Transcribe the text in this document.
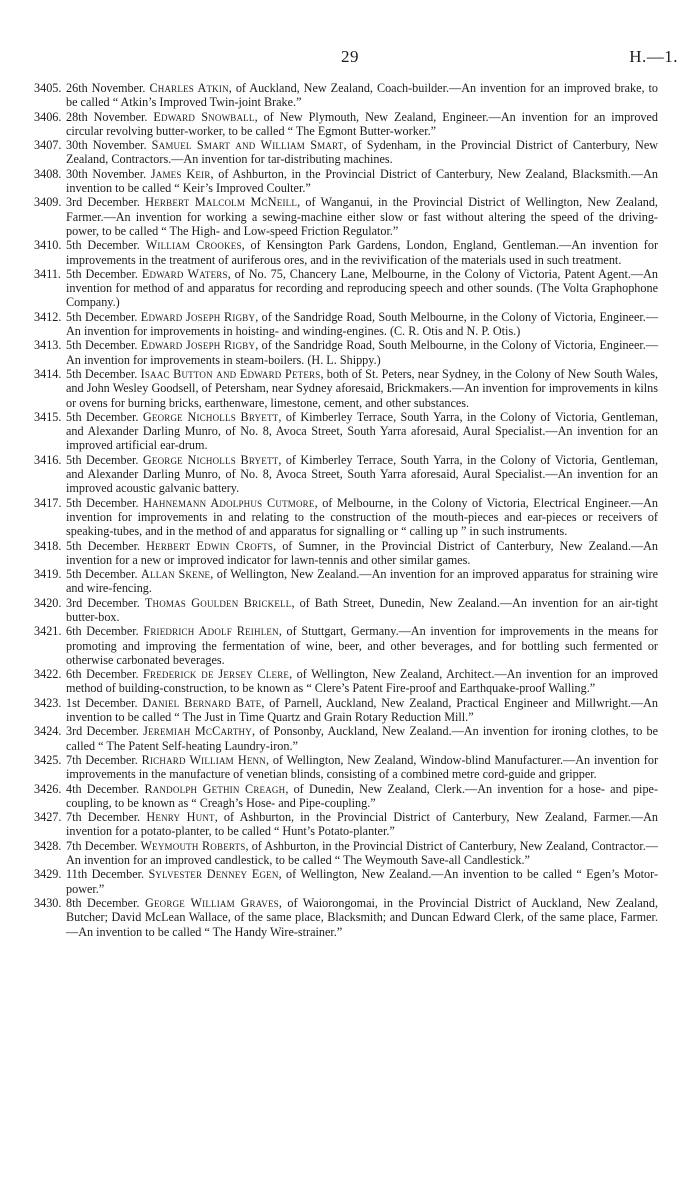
29	H.—1.

3405. 26th November. Charles Atkin, of Auckland, New Zealand, Coach-builder.—An invention for an improved brake, to be called “ Atkin’s Improved Twin-joint Brake.”

3406. 28th November. Edward Snowball, of New Plymouth, New Zealand, Engineer.—An invention for an improved circular revolving butter-worker, to be called “ The Egmont Butter-worker.”

3407. 30th November. Samuel Smart and William Smart, of Sydenham, in the Provincial District of Canterbury, New Zealand, Contractors.—An invention for tar-distributing machines.

3408. 30th November. James Keir, of Ashburton, in the Provincial District of Canterbury, New Zealand, Blacksmith.—An invention to be called “ Keir’s Improved Coulter.”

3409. 3rd December. Herbert Malcolm McNeill, of Wanganui, in the Provincial District of Wellington, New Zealand, Farmer.—An invention for working a sewing-machine either slow or fast without altering the speed of the driving-power, to be called “ The High- and Low-speed Friction Regulator.”

3410. 5th December. William Crookes, of Kensington Park Gardens, London, England, Gentleman.—An invention for improvements in the treatment of auriferous ores, and in the revivification of the materials used in such treatment.

3411. 5th December. Edward Waters, of No. 75, Chancery Lane, Melbourne, in the Colony of Victoria, Patent Agent.—An invention for method of and apparatus for recording and reproducing speech and other sounds. (The Volta Graphophone Company.)

3412. 5th December. Edward Joseph Rigby, of the Sandridge Road, South Melbourne, in the Colony of Victoria, Engineer.—An invention for improvements in hoisting- and winding-engines. (C. R. Otis and N. P. Otis.)

3413. 5th December. Edward Joseph Rigby, of the Sandridge Road, South Melbourne, in the Colony of Victoria, Engineer.—An invention for improvements in steam-boilers. (H. L. Shippy.)

3414. 5th December. Isaac Button and Edward Peters, both of St. Peters, near Sydney, in the Colony of New South Wales, and John Wesley Goodsell, of Petersham, near Sydney aforesaid, Brickmakers.—An invention for improvements in kilns or ovens for burning bricks, earthenware, limestone, cement, and other substances.

3415. 5th December. George Nicholls Bryett, of Kimberley Terrace, South Yarra, in the Colony of Victoria, Gentleman, and Alexander Darling Munro, of No. 8, Avoca Street, South Yarra aforesaid, Aural Specialist.—An invention for an improved artificial ear-drum.

3416. 5th December. George Nicholls Bryett, of Kimberley Terrace, South Yarra, in the Colony of Victoria, Gentleman, and Alexander Darling Munro, of No. 8, Avoca Street, South Yarra aforesaid, Aural Specialist.—An invention for an improved acoustic galvanic battery.

3417. 5th December. Hahnemann Adolphus Cutmore, of Melbourne, in the Colony of Victoria, Electrical Engineer.—An invention for improvements in and relating to the construction of the mouth-pieces and ear-pieces or receivers of speaking-tubes, and in the method of and apparatus for signalling or “ calling up ” in such instruments.

3418. 5th December. Herbert Edwin Crofts, of Sumner, in the Provincial District of Canterbury, New Zealand.—An invention for a new or improved indicator for lawn-tennis and other similar games.

3419. 5th December. Allan Skene, of Wellington, New Zealand.—An invention for an improved apparatus for straining wire and wire-fencing.

3420. 3rd December. Thomas Goulden Brickell, of Bath Street, Dunedin, New Zealand.—An invention for an air-tight butter-box.

3421. 6th December. Friedrich Adolf Reihlen, of Stuttgart, Germany.—An invention for improvements in the means for promoting and improving the fermentation of wine, beer, and other beverages, and for bottling such fermented or otherwise carbonated beverages.

3422. 6th December. Frederick de Jersey Clere, of Wellington, New Zealand, Architect.—An invention for an improved method of building-construction, to be known as “ Clere’s Patent Fire-proof and Earthquake-proof Walling.”

3423. 1st December. Daniel Bernard Bate, of Parnell, Auckland, New Zealand, Practical Engineer and Millwright.—An invention to be called “ The Just in Time Quartz and Grain Rotary Reduction Mill.”

3424. 3rd December. Jeremiah McCarthy, of Ponsonby, Auckland, New Zealand.—An invention for ironing clothes, to be called “ The Patent Self-heating Laundry-iron.”

3425. 7th December. Richard William Henn, of Wellington, New Zealand, Window-blind Manufacturer.—An invention for improvements in the manufacture of venetian blinds, consisting of a combined metre cord-guide and gripper.

3426. 4th December. Randolph Gethin Creagh, of Dunedin, New Zealand, Clerk.—An invention for a hose- and pipe-coupling, to be known as “ Creagh’s Hose- and Pipe-coupling.”

3427. 7th December. Henry Hunt, of Ashburton, in the Provincial District of Canterbury, New Zealand, Farmer.—An invention for a potato-planter, to be called “ Hunt’s Potato-planter.”

3428. 7th December. Weymouth Roberts, of Ashburton, in the Provincial District of Canterbury, New Zealand, Contractor.—An invention for an improved candlestick, to be called “ The Weymouth Save-all Candlestick.”

3429. 11th December. Sylvester Denney Egen, of Wellington, New Zealand.—An invention to be called “ Egen’s Motor-power.”

3430. 8th December. George William Graves, of Waiorongomai, in the Provincial District of Auckland, New Zealand, Butcher; David McLean Wallace, of the same place, Blacksmith; and Duncan Edward Clerk, of the same place, Farmer.—An invention to be called “ The Handy Wire-strainer.”
